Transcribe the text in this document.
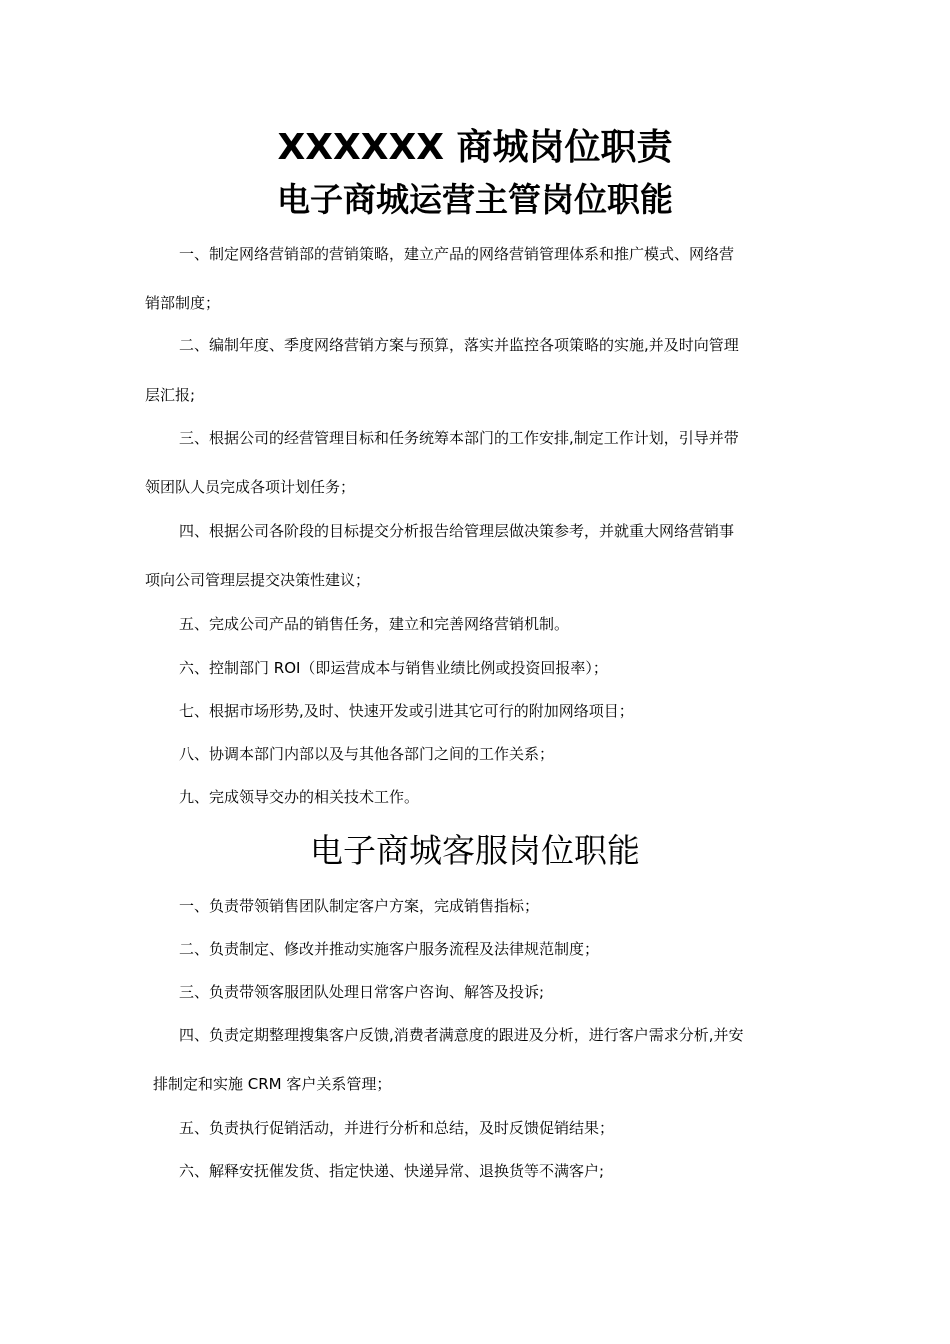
XXXXXX 商城岗位职责
电子商城运营主管岗位职能
一、制定网络营销部的营销策略，建立产品的网络营销管理体系和推广模式、网络营
销部制度；
二、编制年度、季度网络营销方案与预算，落实并监控各项策略的实施,并及时向管理
层汇报;
三、根据公司的经营管理目标和任务统筹本部门的工作安排,制定工作计划，引导并带
领团队人员完成各项计划任务；
四、根据公司各阶段的目标提交分析报告给管理层做决策参考，并就重大网络营销事
项向公司管理层提交决策性建议；
五、完成公司产品的销售任务，建立和完善网络营销机制。
六、控制部门 ROI（即运营成本与销售业绩比例或投资回报率）；
七、根据市场形势,及时、快速开发或引进其它可行的附加网络项目；
八、协调本部门内部以及与其他各部门之间的工作关系；
九、完成领导交办的相关技术工作。
电子商城客服岗位职能
一、负责带领销售团队制定客户方案，完成销售指标；
二、负责制定、修改并推动实施客户服务流程及法律规范制度；
三、负责带领客服团队处理日常客户咨询、解答及投诉;
四、负责定期整理搜集客户反馈,消费者满意度的跟进及分析，进行客户需求分析,并安
排制定和实施 CRM 客户关系管理；
五、负责执行促销活动，并进行分析和总结，及时反馈促销结果；
六、解释安抚催发货、指定快递、快递异常、退换货等不满客户;
